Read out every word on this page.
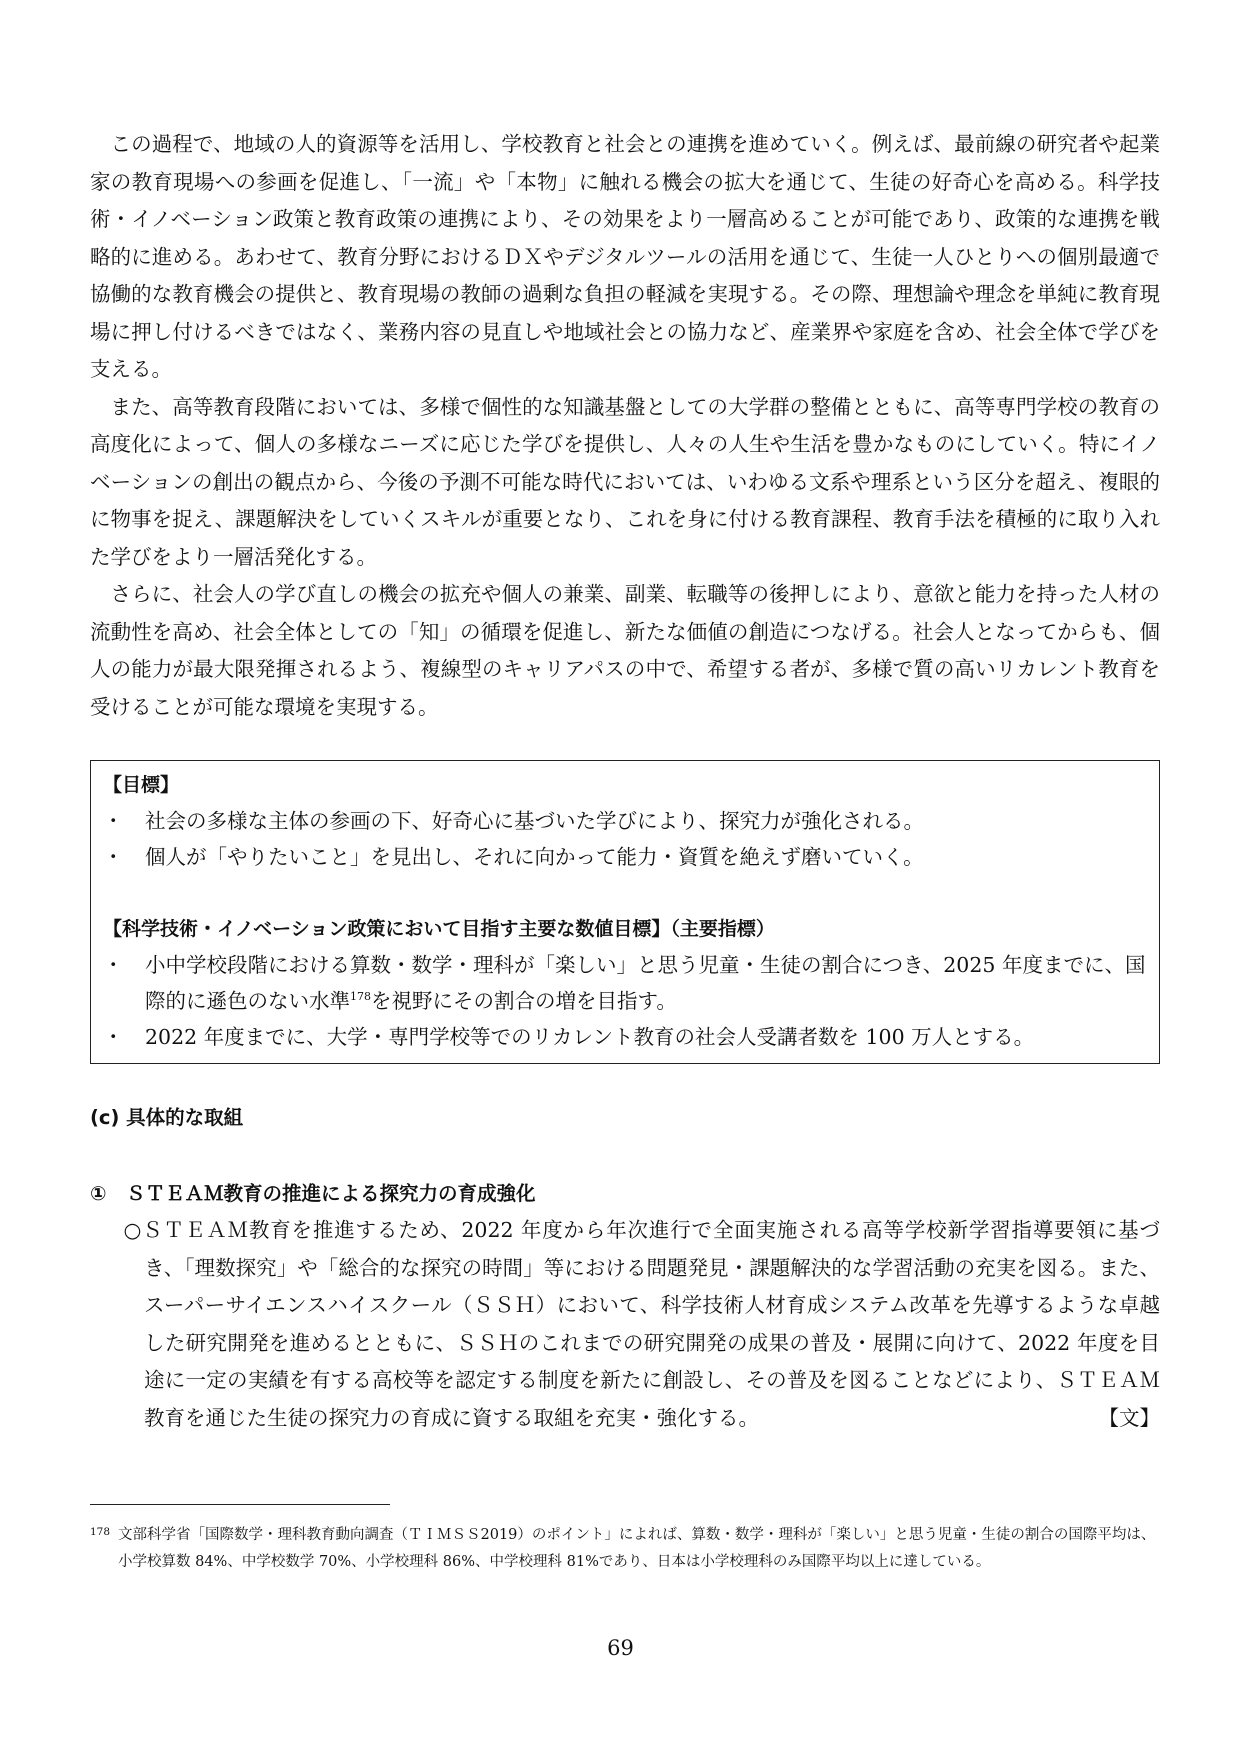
この過程で、地域の人的資源等を活用し、学校教育と社会との連携を進めていく。例えば、最前線の研究者や起業家の教育現場への参画を促進し、「一流」や「本物」に触れる機会の拡大を通じて、生徒の好奇心を高める。科学技術・イノベーション政策と教育政策の連携により、その効果をより一層高めることが可能であり、政策的な連携を戦略的に進める。あわせて、教育分野におけるＤＸやデジタルツールの活用を通じて、生徒一人ひとりへの個別最適で協働的な教育機会の提供と、教育現場の教師の過剰な負担の軽減を実現する。その際、理想論や理念を単純に教育現場に押し付けるべきではなく、業務内容の見直しや地域社会との協力など、産業界や家庭を含め、社会全体で学びを支える。

また、高等教育段階においては、多様で個性的な知識基盤としての大学群の整備とともに、高等専門学校の教育の高度化によって、個人の多様なニーズに応じた学びを提供し、人々の人生や生活を豊かなものにしていく。特にイノベーションの創出の観点から、今後の予測不可能な時代においては、いわゆる文系や理系という区分を超え、複眼的に物事を捉え、課題解決をしていくスキルが重要となり、これを身に付ける教育課程、教育手法を積極的に取り入れた学びをより一層活発化する。

さらに、社会人の学び直しの機会の拡充や個人の兼業、副業、転職等の後押しにより、意欲と能力を持った人材の流動性を高め、社会全体としての「知」の循環を促進し、新たな価値の創造につなげる。社会人となってからも、個人の能力が最大限発揮されるよう、複線型のキャリアパスの中で、希望する者が、多様で質の高いリカレント教育を受けることが可能な環境を実現する。

【目標】
・	社会の多様な主体の参画の下、好奇心に基づいた学びにより、探究力が強化される。
・	個人が「やりたいこと」を見出し、それに向かって能力・資質を絶えず磨いていく。
【科学技術・イノベーション政策において目指す主要な数値目標】（主要指標）
・	小中学校段階における算数・数学・理科が「楽しい」と思う児童・生徒の割合につき、2025 年度までに、国際的に遜色のない水準$^{178}$を視野にその割合の増を目指す。
・	2022 年度までに、大学・専門学校等でのリカレント教育の社会人受講者数を 100 万人とする。
(c) 具体的な取組
①　ＳＴＥＡＭ教育の推進による探究力の育成強化

○ＳＴＥＡＭ教育を推進するため、2022 年度から年次進行で全面実施される高等学校新学習指導要領に基づき、「理数探究」や「総合的な探究の時間」等における問題発見・課題解決的な学習活動の充実を図る。また、スーパーサイエンスハイスクール（ＳＳＨ）において、科学技術人材育成システム改革を先導するような卓越した研究開発を進めるとともに、ＳＳＨのこれまでの研究開発の成果の普及・展開に向けて、2022 年度を目途に一定の実績を有する高校等を認定する制度を新たに創設し、その普及を図ることなどにより、ＳＴＥＡＭ教育を通じた生徒の探究力の育成に資する取組を充実・強化する。　	【文】

178 文部科学省「国際数学・理科教育動向調査（ＴＩＭＳＳ2019）のポイント」によれば、算数・数学・理科が「楽しい」と思う児童・生徒の割合の国際平均は、小学校算数 84%、中学校数学 70%、小学校理科 86%、中学校理科 81%であり、日本は小学校理科のみ国際平均以上に達している。
69
